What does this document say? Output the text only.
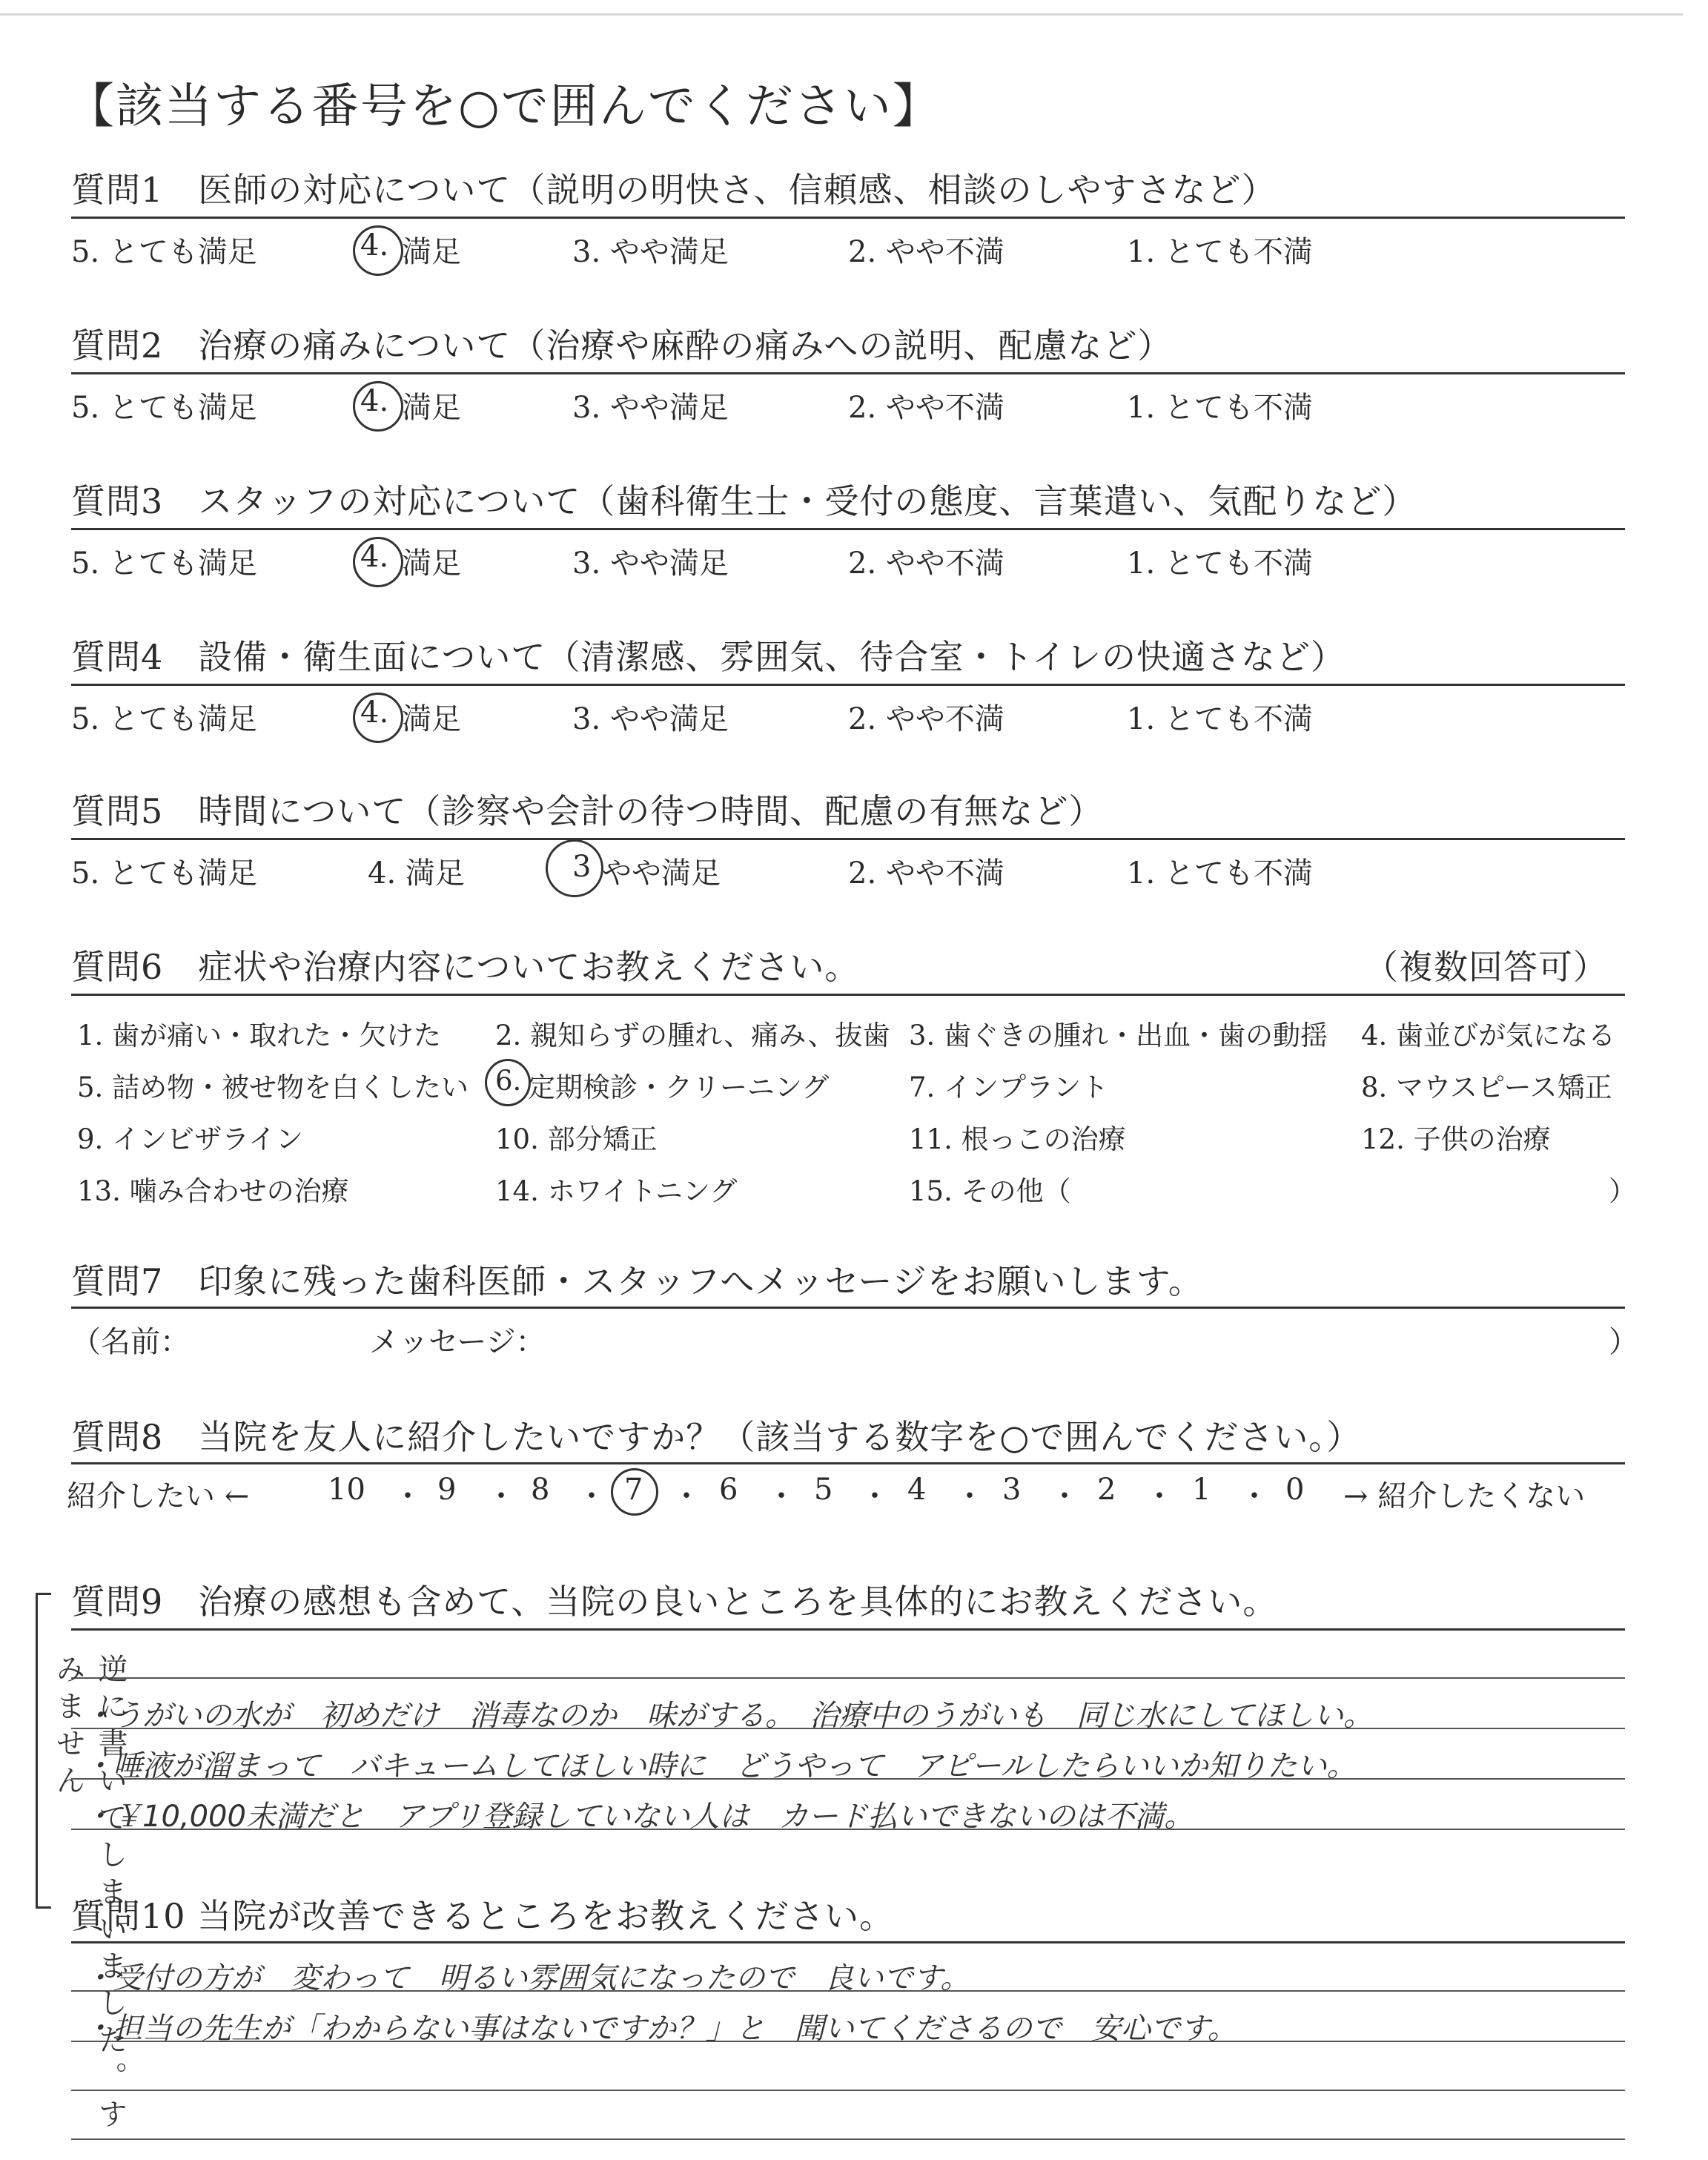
【該当する番号を○で囲んでください】
質問1　医師の対応について（説明の明快さ、信頼感、相談のしやすさなど）
5. とても満足	4. 満足	3. やや満足	2. やや不満	1. とても不満
質問2　治療の痛みについて（治療や麻酔の痛みへの説明、配慮など）
5. とても満足	4. 満足	3. やや満足	2. やや不満	1. とても不満
質問3　スタッフの対応について（歯科衛生士・受付の態度、言葉遣い、気配りなど）
5. とても満足	4. 満足	3. やや満足	2. やや不満	1. とても不満
質問4　設備・衛生面について（清潔感、雰囲気、待合室・トイレの快適さなど）
5. とても満足	4. 満足	3. やや満足	2. やや不満	1. とても不満
質問5　時間について（診察や会計の待つ時間、配慮の有無など）
5. とても満足	4. 満足	3 やや満足	2. やや不満	1. とても不満
質問6　症状や治療内容についてお教えください。	（複数回答可）
1. 歯が痛い・取れた・欠けた 2. 親知らずの腫れ、痛み、抜歯 3. 歯ぐきの腫れ・出血・歯の動揺 4. 歯並びが気になる
5. 詰め物・被せ物を白くしたい 6. 定期検診・クリーニング	7. インプラント	8. マウスピース矯正
9. インビザライン	10. 部分矯正	11. 根っこの治療	12. 子供の治療
13. 噛み合わせの治療	14. ホワイトニング	15. その他（	）
質問7　印象に残った歯科医師・スタッフへメッセージをお願いします。
（名前：	メッセージ：	）
質問8　当院を友人に紹介したいですか？（該当する数字を○で囲んでください。）
紹介したい ←	10 ・ 9 ・ 8 ・ 7 ・ 6 ・ 5 ・ 4 ・ 3 ・ 2 ・ 1 ・ 0 → 紹介したくない
質問9　治療の感想も含めて、当院の良いところを具体的にお教えください。
・うがいの水が　初めだけ　消毒なのか　味がする。　治療中のうがいも　同じ水にしてほしい。
・唾液が溜まって　バキュームしてほしい時に　どうやって　アピールしたらいいか知りたい。
・￥10,000未満だと　アプリ登録していない人は　カード払いできないのは不満。
質問10 当院が改善できるところをお教えください。
・受付の方が　変わって　明るい雰囲気になったので　良いです。
・担当の先生が「わからない事はないですか？」と　聞いてくださるので　安心です。
逆に書いてしまいました。すみません
